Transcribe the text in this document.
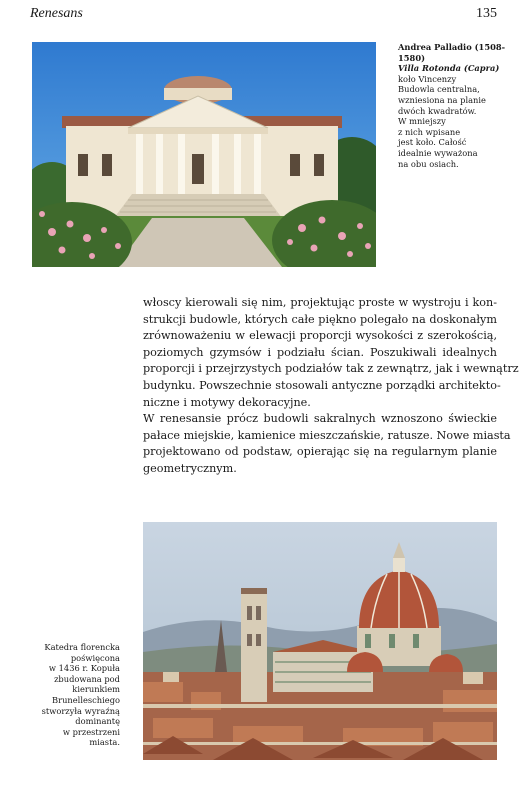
Renesans	135
Andrea Palladio (1508-
1580)
Villa Rotonda (Capra)
koło Vincenzy
Budowla centralna,
wzniesiona na planie
dwóch kwadratów.
W mniejszy
z nich wpisane
jest koło. Całość
idealnie wyważona
na obu osiach.
włoscy kierowali się nim, projektując proste w wystroju i kon-
strukcji budowle, których całe piękno polegało na doskonałym
zrównoważeniu w elewacji proporcji wysokości z szerokością,
poziomych gzymsów i podziału ścian. Poszukiwali idealnych
proporcji i przejrzystych podziałów tak z zewnątrz, jak i wewnątrz
budynku. Powszechnie stosowali antyczne porządki architekto-
niczne i motywy dekoracyjne.
W renesansie prócz budowli sakralnych wznoszono świeckie
pałace miejskie, kamienice mieszczańskie, ratusze. Nowe miasta
projektowano od podstaw, opierając się na regularnym planie
geometrycznym.
Katedra florencka
poświęcona
w 1436 r. Kopuła
zbudowana pod
kierunkiem
Brunelleschiego
stworzyła wyraźną
dominantę
w przestrzeni
miasta.
